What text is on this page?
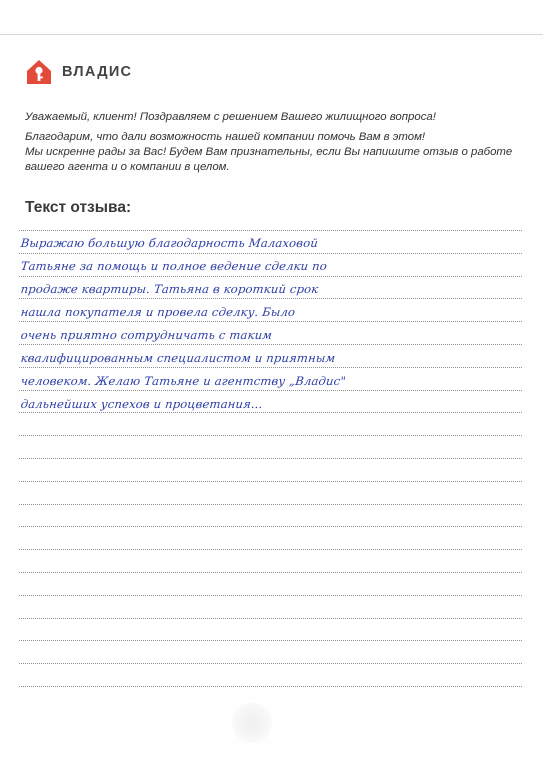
ВЛАДИС

Уважаемый, клиент! Поздравляем с решением Вашего жилищного вопроса!

Благодарим, что дали возможность нашей компании помочь Вам в этом!
Мы искренне рады за Вас! Будем Вам признательны, если Вы напишите отзыв о работе вашего агента и о компании в целом.

Текст отзыва:
Выражаю большую благодарность Малаховой
Татьяне за помощь и полное ведение сделки по
продаже квартиры. Татьяна в короткий срок
нашла покупателя и провела сделку. Было
очень приятно сотрудничать с таким
квалифицированным специалистом и приятным
человеком. Желаю Татьяне и агентству „Владис"
дальнейших успехов и процветания…
